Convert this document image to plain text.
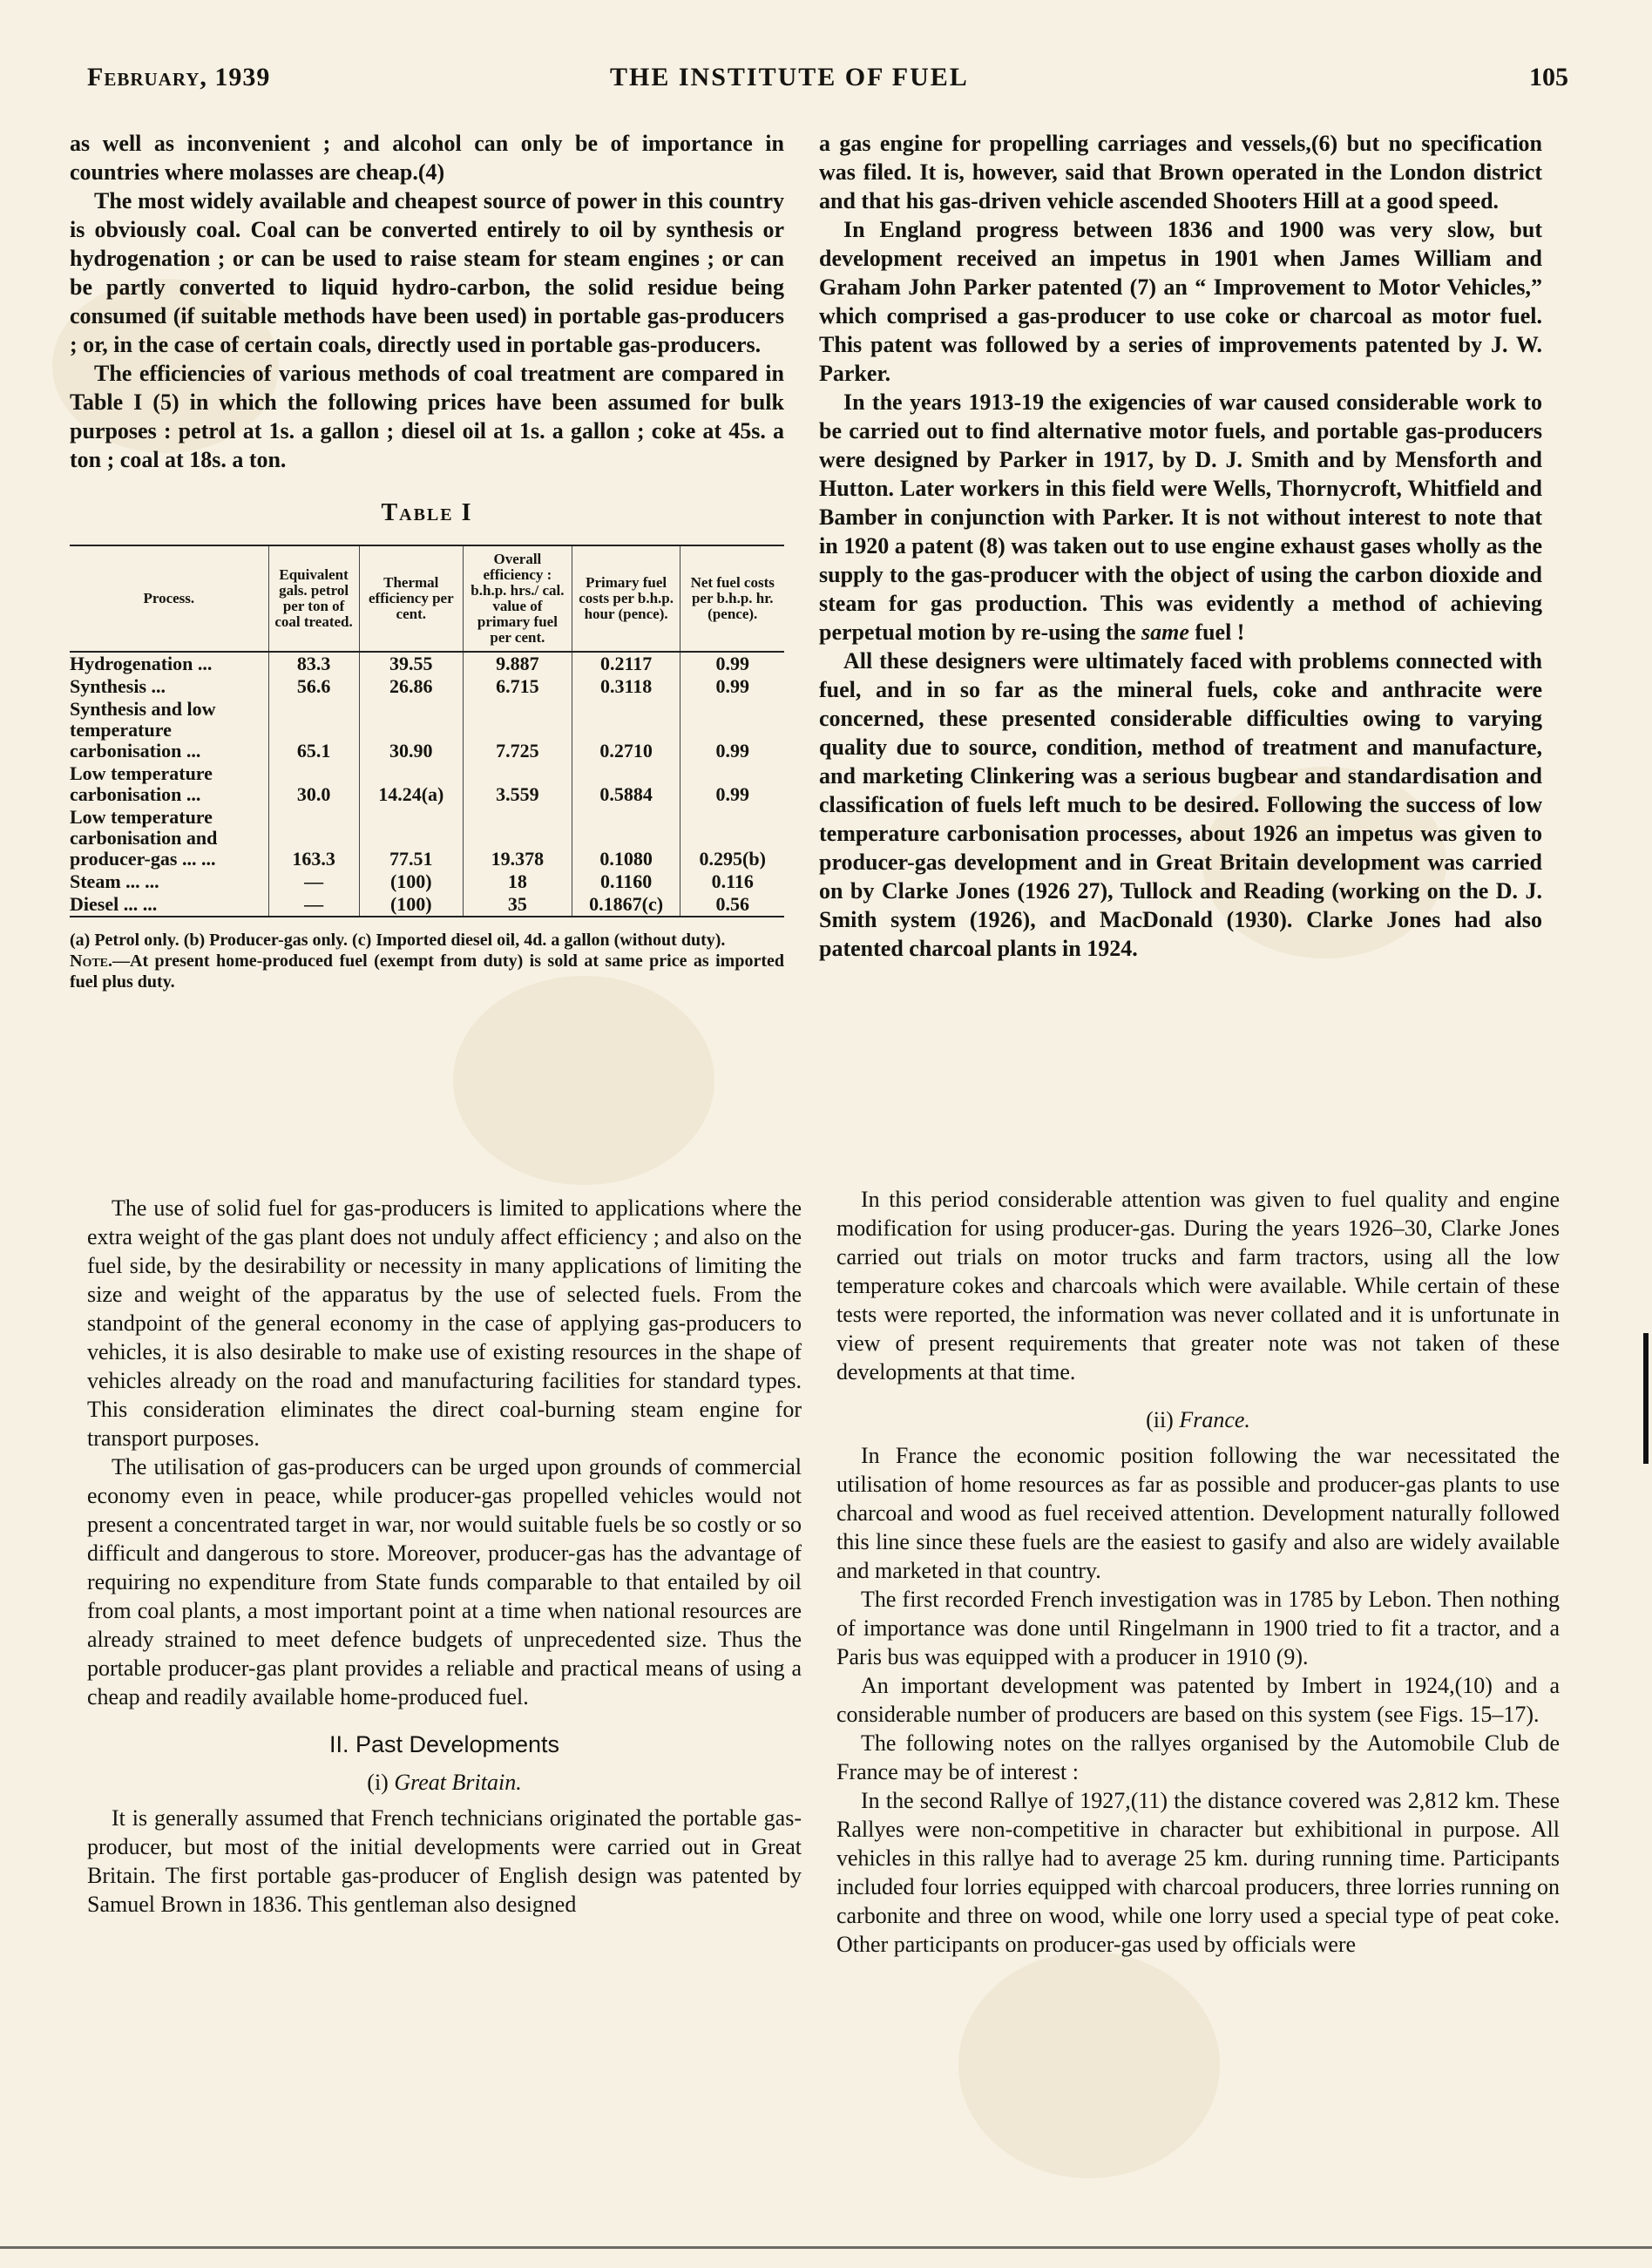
February, 1939	THE INSTITUTE OF FUEL	105

as well as inconvenient ; and alcohol can only be of importance in countries where molasses are cheap.(4)

The most widely available and cheapest source of power in this country is obviously coal. Coal can be converted entirely to oil by synthesis or hydrogenation ; or can be used to raise steam for steam engines ; or can be partly converted to liquid hydro-carbon, the solid residue being consumed (if suitable methods have been used) in portable gas-producers ; or, in the case of certain coals, directly used in portable gas-producers.

The efficiencies of various methods of coal treatment are compared in Table I (5) in which the following prices have been assumed for bulk purposes : petrol at 1s. a gallon ; diesel oil at 1s. a gallon ; coke at 45s. a ton ; coal at 18s. a ton.

Table I
Process.	Equivalent gals. petrol per ton of coal treated.	Thermal efficiency per cent.	Overall efficiency : b.h.p. hrs./ cal. value of primary fuel per cent.	Primary fuel costs per b.h.p. hour (pence).	Net fuel costs per b.h.p. hr. (pence).
Hydrogenation ...	83.3	39.55	9.887	0.2117	0.99
Synthesis ...	56.6	26.86	6.715	0.3118	0.99
Synthesis and low temperature carbonisation ...	65.1	30.90	7.725	0.2710	0.99
Low temperature carbonisation ...	30.0	14.24(a)	3.559	0.5884	0.99
Low temperature carbonisation and producer-gas ... ...	163.3	77.51	19.378	0.1080	0.295(b)
Steam ... ...	—	(100)	18	0.1160	0.116
Diesel ... ...	—	(100)	35	0.1867(c)	0.56
(a) Petrol only. (b) Producer-gas only. (c) Imported diesel oil, 4d. a gallon (without duty).
Note.—At present home-produced fuel (exempt from duty) is sold at same price as imported fuel plus duty.

The use of solid fuel for gas-producers is limited to applications where the extra weight of the gas plant does not unduly affect efficiency ; and also on the fuel side, by the desirability or necessity in many applications of limiting the size and weight of the apparatus by the use of selected fuels. From the standpoint of the general economy in the case of applying gas-producers to vehicles, it is also desirable to make use of existing resources in the shape of vehicles already on the road and manufacturing facilities for standard types. This consideration eliminates the direct coal-burning steam engine for transport purposes.

The utilisation of gas-producers can be urged upon grounds of commercial economy even in peace, while producer-gas propelled vehicles would not present a concentrated target in war, nor would suitable fuels be so costly or so difficult and dangerous to store. Moreover, producer-gas has the advantage of requiring no expenditure from State funds comparable to that entailed by oil from coal plants, a most important point at a time when national resources are already strained to meet defence budgets of unprecedented size. Thus the portable producer-gas plant provides a reliable and practical means of using a cheap and readily available home-produced fuel.

II. Past Developments
(i) Great Britain.

It is generally assumed that French technicians originated the portable gas-producer, but most of the initial developments were carried out in Great Britain. The first portable gas-producer of English design was patented by Samuel Brown in 1836. This gentleman also designed

a gas engine for propelling carriages and vessels,(6) but no specification was filed. It is, however, said that Brown operated in the London district and that his gas-driven vehicle ascended Shooters Hill at a good speed.

In England progress between 1836 and 1900 was very slow, but development received an impetus in 1901 when James William and Graham John Parker patented (7) an “ Improvement to Motor Vehicles,” which comprised a gas-producer to use coke or charcoal as motor fuel. This patent was followed by a series of improvements patented by J. W. Parker.

In the years 1913-19 the exigencies of war caused considerable work to be carried out to find alternative motor fuels, and portable gas-producers were designed by Parker in 1917, by D. J. Smith and by Mensforth and Hutton. Later workers in this field were Wells, Thornycroft, Whitfield and Bamber in conjunction with Parker. It is not without interest to note that in 1920 a patent (8) was taken out to use engine exhaust gases wholly as the supply to the gas-producer with the object of using the carbon dioxide and steam for gas production. This was evidently a method of achieving perpetual motion by re-using the same fuel !

All these designers were ultimately faced with problems connected with fuel, and in so far as the mineral fuels, coke and anthracite were concerned, these presented considerable difficulties owing to varying quality due to source, condition, method of treatment and manufacture, and marketing Clinkering was a serious bugbear and standardisation and classification of fuels left much to be desired. Following the success of low temperature carbonisation processes, about 1926 an impetus was given to producer-gas development and in Great Britain development was carried on by Clarke Jones (1926 27), Tullock and Reading (working on the D. J. Smith system (1926), and MacDonald (1930). Clarke Jones had also patented charcoal plants in 1924.

In this period considerable attention was given to fuel quality and engine modification for using producer-gas. During the years 1926–30, Clarke Jones carried out trials on motor trucks and farm tractors, using all the low temperature cokes and charcoals which were available. While certain of these tests were reported, the information was never collated and it is unfortunate in view of present requirements that greater note was not taken of these developments at that time.

(ii) France.

In France the economic position following the war necessitated the utilisation of home resources as far as possible and producer-gas plants to use charcoal and wood as fuel received attention. Development naturally followed this line since these fuels are the easiest to gasify and also are widely available and marketed in that country.

The first recorded French investigation was in 1785 by Lebon. Then nothing of importance was done until Ringelmann in 1900 tried to fit a tractor, and a Paris bus was equipped with a producer in 1910 (9).

An important development was patented by Imbert in 1924,(10) and a considerable number of producers are based on this system (see Figs. 15–17).

The following notes on the rallyes organised by the Automobile Club de France may be of interest :

In the second Rallye of 1927,(11) the distance covered was 2,812 km. These Rallyes were non-competitive in character but exhibitional in purpose. All vehicles in this rallye had to average 25 km. during running time. Participants included four lorries equipped with charcoal producers, three lorries running on carbonite and three on wood, while one lorry used a special type of peat coke. Other participants on producer-gas used by officials were
